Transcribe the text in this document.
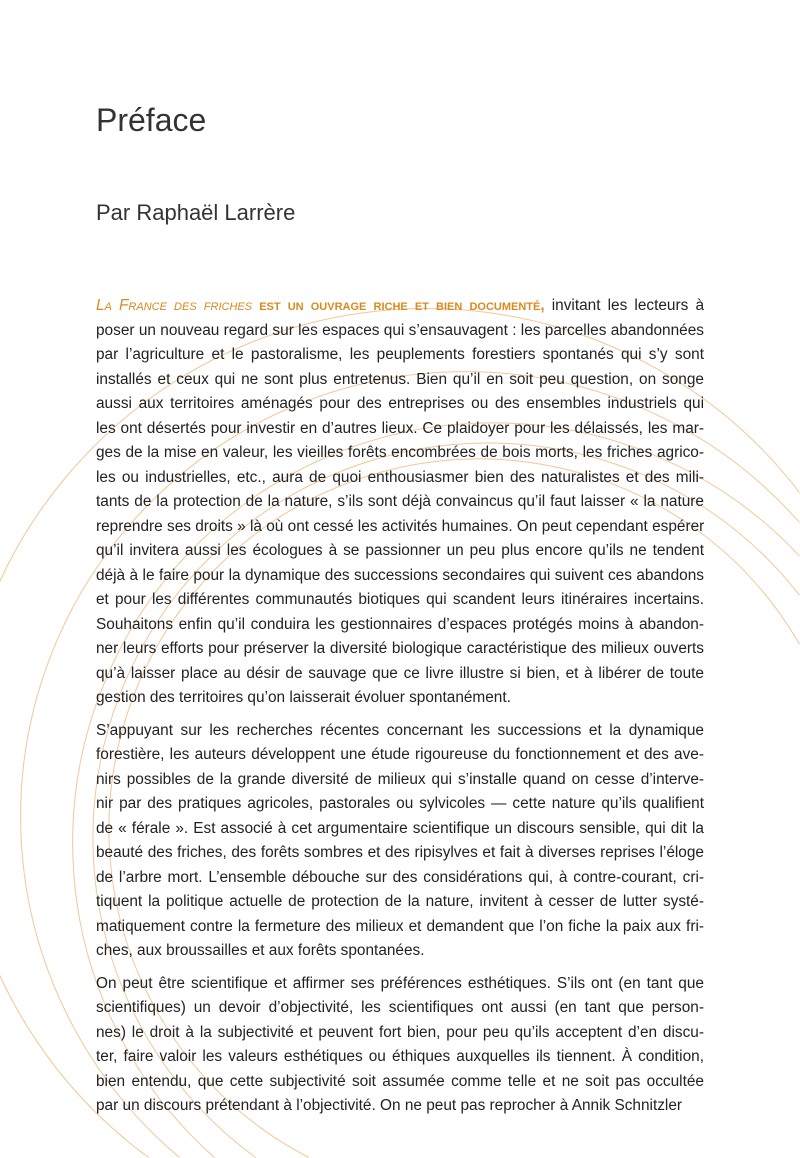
Préface
Par Raphaël Larrère

La France des friches est un ouvrage riche et bien documenté, invitant les lecteurs à
poser un nouveau regard sur les espaces qui s’ensauvagent : les parcelles abandonnées
par l’agriculture et le pastoralisme, les peuplements forestiers spontanés qui s’y sont
installés et ceux qui ne sont plus entretenus. Bien qu’il en soit peu question, on songe
aussi aux territoires aménagés pour des entreprises ou des ensembles industriels qui
les ont désertés pour investir en d’autres lieux. Ce plaidoyer pour les délaissés, les mar-
ges de la mise en valeur, les vieilles forêts encombrées de bois morts, les friches agrico-
les ou industrielles, etc., aura de quoi enthousiasmer bien des naturalistes et des mili-
tants de la protection de la nature, s’ils sont déjà convaincus qu’il faut laisser « la nature
reprendre ses droits » là où ont cessé les activités humaines. On peut cependant espérer
qu’il invitera aussi les écologues à se passionner un peu plus encore qu’ils ne tendent
déjà à le faire pour la dynamique des successions secondaires qui suivent ces abandons
et pour les différentes communautés biotiques qui scandent leurs itinéraires incertains.
Souhaitons enfin qu’il conduira les gestionnaires d’espaces protégés moins à abandon-
ner leurs efforts pour préserver la diversité biologique caractéristique des milieux ouverts
qu’à laisser place au désir de sauvage que ce livre illustre si bien, et à libérer de toute
gestion des territoires qu’on laisserait évoluer spontanément.

S’appuyant sur les recherches récentes concernant les successions et la dynamique
forestière, les auteurs développent une étude rigoureuse du fonctionnement et des ave-
nirs possibles de la grande diversité de milieux qui s’installe quand on cesse d’interve-
nir par des pratiques agricoles, pastorales ou sylvicoles — cette nature qu’ils qualifient
de « férale ». Est associé à cet argumentaire scientifique un discours sensible, qui dit la
beauté des friches, des forêts sombres et des ripisylves et fait à diverses reprises l’éloge
de l’arbre mort. L’ensemble débouche sur des considérations qui, à contre-courant, cri-
tiquent la politique actuelle de protection de la nature, invitent à cesser de lutter systé-
matiquement contre la fermeture des milieux et demandent que l’on fiche la paix aux fri-
ches, aux broussailles et aux forêts spontanées.

On peut être scientifique et affirmer ses préférences esthétiques. S’ils ont (en tant que
scientifiques) un devoir d’objectivité, les scientifiques ont aussi (en tant que person-
nes) le droit à la subjectivité et peuvent fort bien, pour peu qu’ils acceptent d’en discu-
ter, faire valoir les valeurs esthétiques ou éthiques auxquelles ils tiennent. À condition,
bien entendu, que cette subjectivité soit assumée comme telle et ne soit pas occultée
par un discours prétendant à l’objectivité. On ne peut pas reprocher à Annik Schnitzler
